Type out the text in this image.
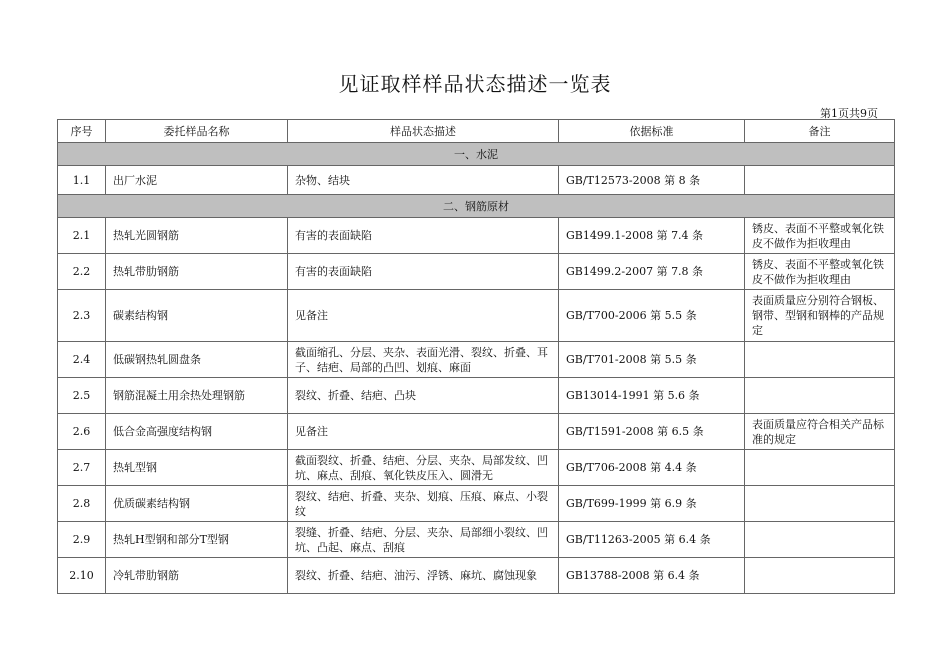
见证取样样品状态描述一览表
第1页共9页
序号	委托样品名称	样品状态描述	依据标准	备注
一、水泥				
1.1	出厂水泥	杂物、结块	GB/T12573-2008 第 8 条	
二、钢筋原材				
2.1	热轧光圆钢筋	有害的表面缺陷	GB1499.1-2008 第 7.4 条	锈皮、表面不平整或氧化铁皮不做作为拒收理由
2.2	热轧带肋钢筋	有害的表面缺陷	GB1499.2-2007 第 7.8 条	锈皮、表面不平整或氧化铁皮不做作为拒收理由
2.3	碳素结构钢	见备注	GB/T700-2006 第 5.5 条	表面质量应分别符合钢板、钢带、型钢和钢棒的产品规定
2.4	低碳钢热轧圆盘条	截面缩孔、分层、夹杂、表面光滑、裂纹、折叠、耳子、结疤、局部的凸凹、划痕、麻面	GB/T701-2008 第 5.5 条	
2.5	钢筋混凝土用余热处理钢筋	裂纹、折叠、结疤、凸块	GB13014-1991 第 5.6 条	
2.6	低合金高强度结构钢	见备注	GB/T1591-2008 第 6.5 条	表面质量应符合相关产品标准的规定
2.7	热轧型钢	截面裂纹、折叠、结疤、分层、夹杂、局部发纹、凹坑、麻点、刮痕、氧化铁皮压入、圆滑无	GB/T706-2008 第 4.4 条	
2.8	优质碳素结构钢	裂纹、结疤、折叠、夹杂、划痕、压痕、麻点、小裂纹	GB/T699-1999 第 6.9 条	
2.9	热轧H型钢和部分T型钢	裂缝、折叠、结疤、分层、夹杂、局部细小裂纹、凹坑、凸起、麻点、刮痕	GB/T11263-2005 第 6.4 条	
2.10	冷轧带肋钢筋	裂纹、折叠、结疤、油污、浮锈、麻坑、腐蚀现象	GB13788-2008 第 6.4 条	
